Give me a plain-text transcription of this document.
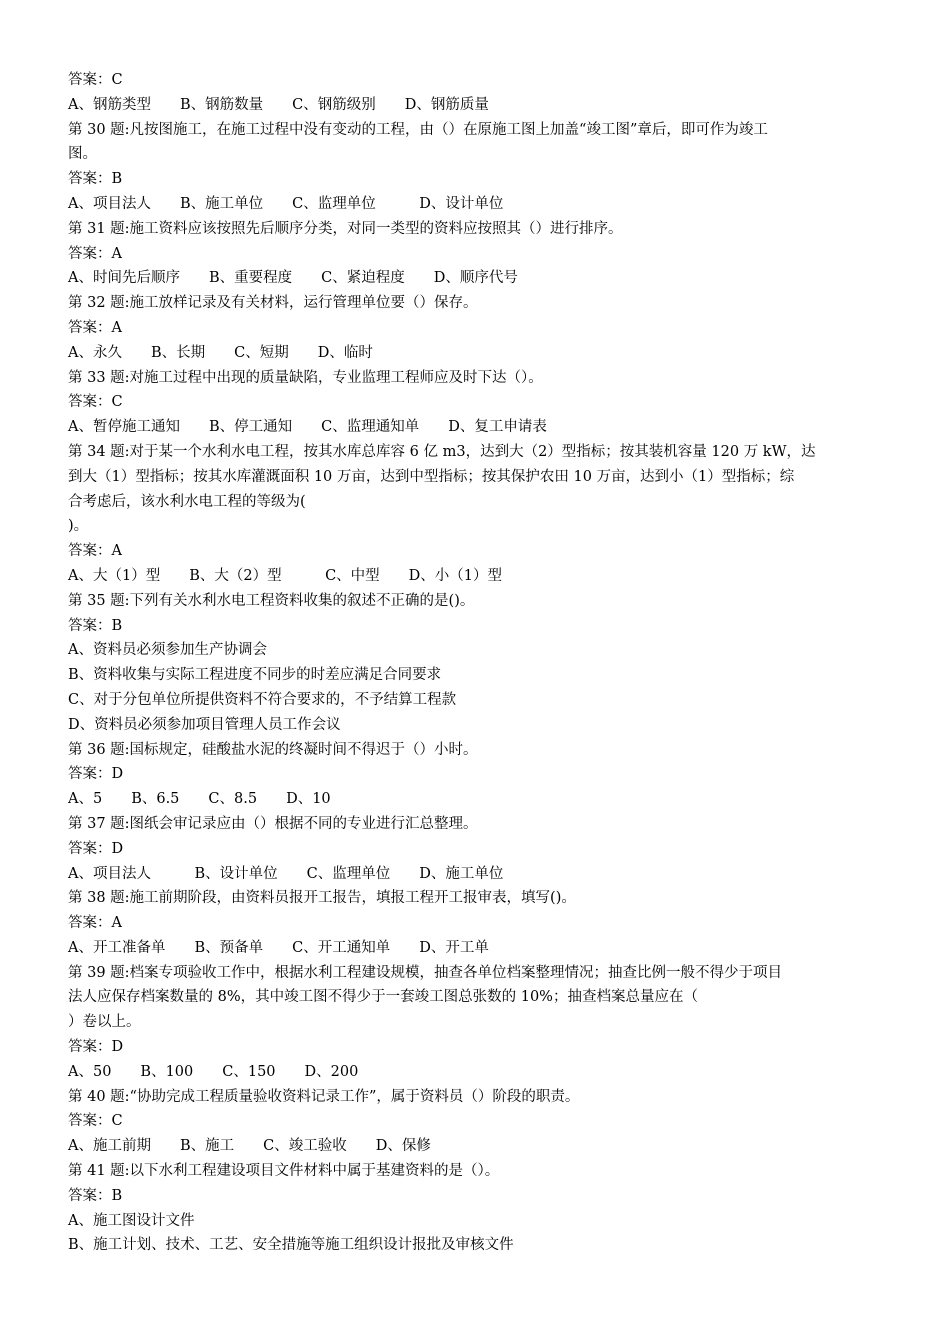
答案：C
A、钢筋类型　　B、钢筋数量　　C、钢筋级别　　D、钢筋质量
第 30 题:凡按图施工，在施工过程中没有变动的工程，由（）在原施工图上加盖“竣工图”章后，即可作为竣工
图。
答案：B
A、项目法人　　B、施工单位　　C、监理单位　　　D、设计单位
第 31 题:施工资料应该按照先后顺序分类，对同一类型的资料应按照其（）进行排序。
答案：A
A、时间先后顺序　　B、重要程度　　C、紧迫程度　　D、顺序代号
第 32 题:施工放样记录及有关材料，运行管理单位要（）保存。
答案：A
A、永久　　B、长期　　C、短期　　D、临时
第 33 题:对施工过程中出现的质量缺陷，专业监理工程师应及时下达（）。
答案：C
A、暂停施工通知　　B、停工通知　　C、监理通知单　　D、复工申请表
第 34 题:对于某一个水利水电工程，按其水库总库容 6 亿 m3，达到大（2）型指标；按其装机容量 120 万 kW，达
到大（1）型指标；按其水库灌溉面积 10 万亩，达到中型指标；按其保护农田 10 万亩，达到小（1）型指标；综
合考虑后，该水利水电工程的等级为(
)。
答案：A
A、大（1）型　　B、大（2）型　　　C、中型　　D、小（1）型
第 35 题:下列有关水利水电工程资料收集的叙述不正确的是()。
答案：B
A、资料员必须参加生产协调会
B、资料收集与实际工程进度不同步的时差应满足合同要求
C、对于分包单位所提供资料不符合要求的，不予结算工程款
D、资料员必须参加项目管理人员工作会议
第 36 题:国标规定，硅酸盐水泥的终凝时间不得迟于（）小时。
答案：D
A、5　　B、6.5　　C、8.5　　D、10
第 37 题:图纸会审记录应由（）根据不同的专业进行汇总整理。
答案：D
A、项目法人　　　B、设计单位　　C、监理单位　　D、施工单位
第 38 题:施工前期阶段，由资料员报开工报告，填报工程开工报审表，填写()。
答案：A
A、开工准备单　　B、预备单　　C、开工通知单　　D、开工单
第 39 题:档案专项验收工作中，根据水利工程建设规模，抽查各单位档案整理情况；抽查比例一般不得少于项目
法人应保存档案数量的 8%，其中竣工图不得少于一套竣工图总张数的 10%；抽查档案总量应在（
）卷以上。
答案：D
A、50　　B、100　　C、150　　D、200
第 40 题:“协助完成工程质量验收资料记录工作”，属于资料员（）阶段的职责。
答案：C
A、施工前期　　B、施工　　C、竣工验收　　D、保修
第 41 题:以下水利工程建设项目文件材料中属于基建资料的是（）。
答案：B
A、施工图设计文件
B、施工计划、技术、工艺、安全措施等施工组织设计报批及审核文件
